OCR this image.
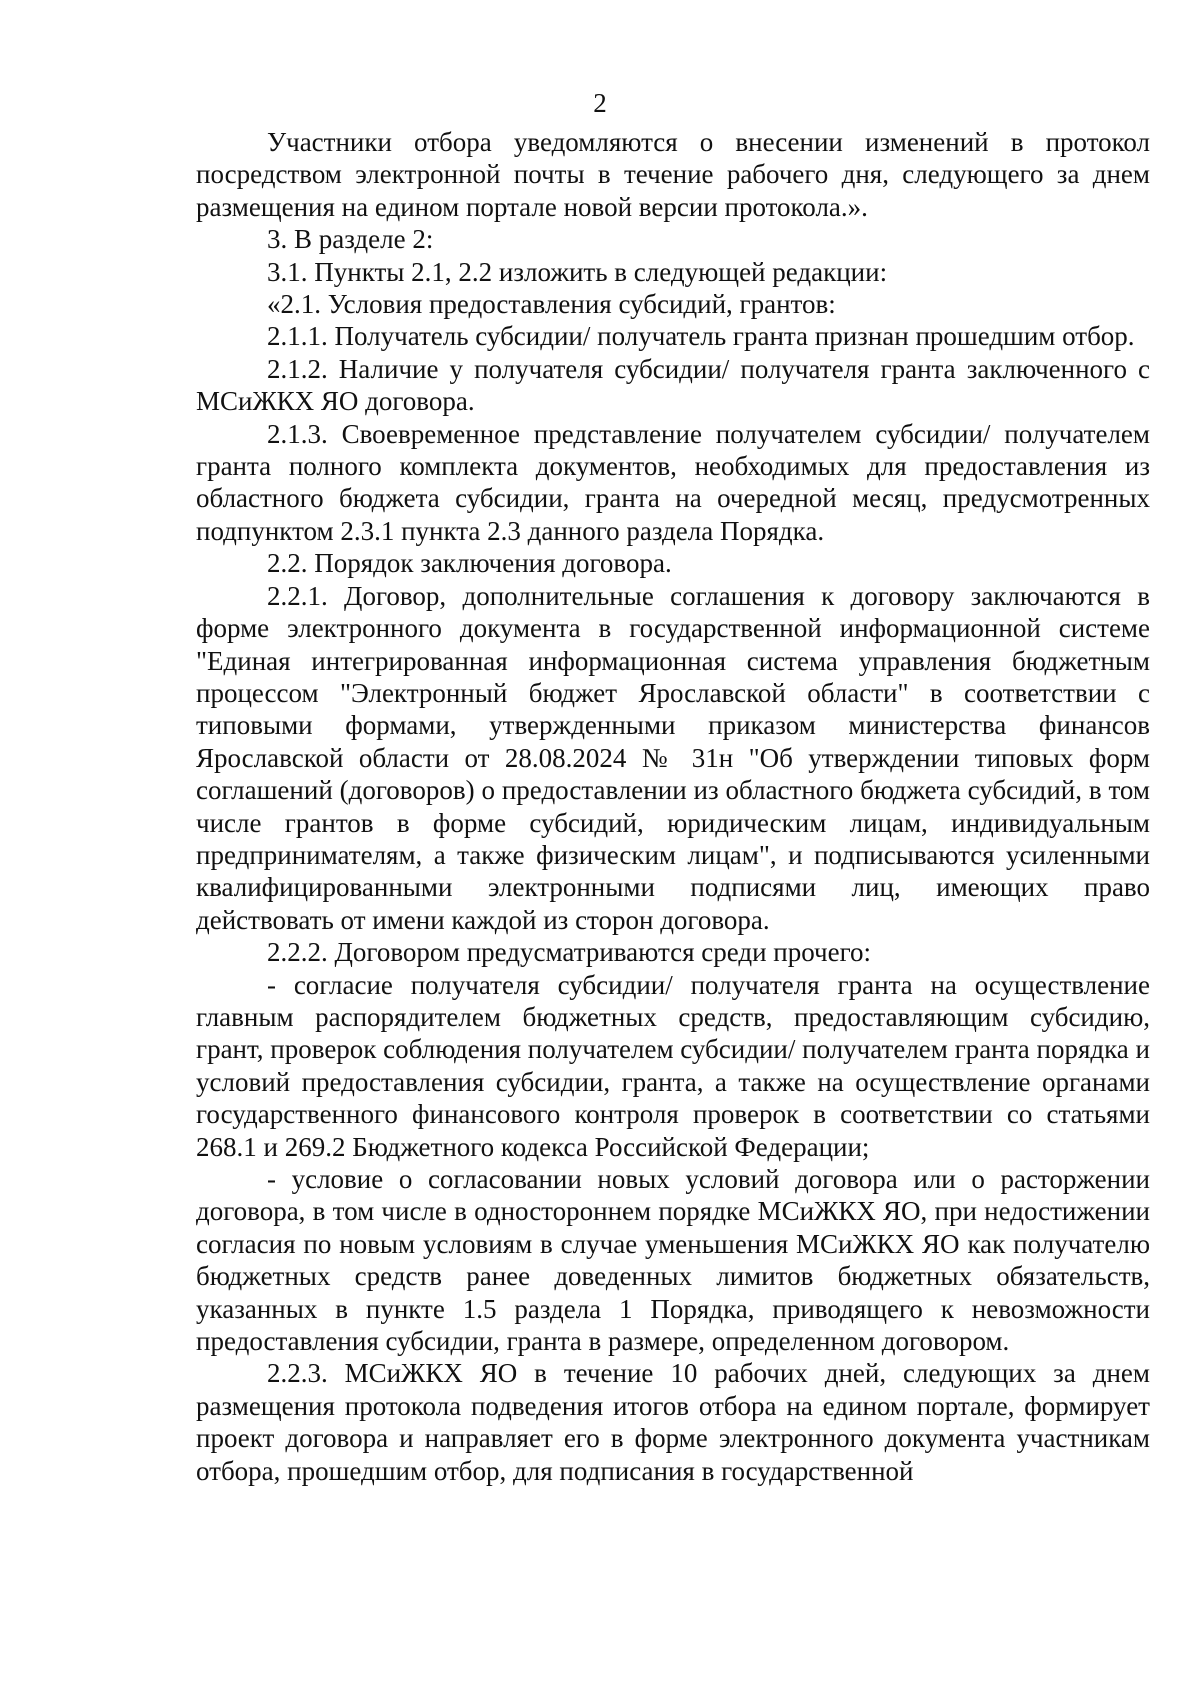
2

Участники отбора уведомляются о внесении изменений в протокол посредством электронной почты в течение рабочего дня, следующего за днем размещения на едином портале новой версии протокола.».

3. В разделе 2:

3.1. Пункты 2.1, 2.2 изложить в следующей редакции:

«2.1. Условия предоставления субсидий, грантов:

2.1.1. Получатель субсидии/ получатель гранта признан прошедшим отбор.

2.1.2. Наличие у получателя субсидии/ получателя гранта заключенного с МСиЖКХ ЯО договора.

2.1.3. Своевременное представление получателем субсидии/ получателем гранта полного комплекта документов, необходимых для предоставления из областного бюджета субсидии, гранта на очередной месяц, предусмотренных подпунктом 2.3.1 пункта 2.3 данного раздела Порядка.

2.2. Порядок заключения договора.

2.2.1. Договор, дополнительные соглашения к договору заключаются в форме электронного документа в государственной информационной системе "Единая интегрированная информационная система управления бюджетным процессом "Электронный бюджет Ярославской области" в соответствии с типовыми формами, утвержденными приказом министерства финансов Ярославской области от 28.08.2024 № 31н "Об утверждении типовых форм соглашений (договоров) о предоставлении из областного бюджета субсидий, в том числе грантов в форме субсидий, юридическим лицам, индивидуальным предпринимателям, а также физическим лицам", и подписываются усиленными квалифицированными электронными подписями лиц, имеющих право действовать от имени каждой из сторон договора.

2.2.2. Договором предусматриваются среди прочего:

- согласие получателя субсидии/ получателя гранта на осуществление главным распорядителем бюджетных средств, предоставляющим субсидию, грант, проверок соблюдения получателем субсидии/ получателем гранта порядка и условий предоставления субсидии, гранта, а также на осуществление органами государственного финансового контроля проверок в соответствии со статьями 268.1 и 269.2 Бюджетного кодекса Российской Федерации;

- условие о согласовании новых условий договора или о расторжении договора, в том числе в одностороннем порядке МСиЖКХ ЯО, при недостижении согласия по новым условиям в случае уменьшения МСиЖКХ ЯО как получателю бюджетных средств ранее доведенных лимитов бюджетных обязательств, указанных в пункте 1.5 раздела 1 Порядка, приводящего к невозможности предоставления субсидии, гранта в размере, определенном договором.

2.2.3. МСиЖКХ ЯО в течение 10 рабочих дней, следующих за днем размещения протокола подведения итогов отбора на едином портале, формирует проект договора и направляет его в форме электронного документа участникам отбора, прошедшим отбор, для подписания в государственной
